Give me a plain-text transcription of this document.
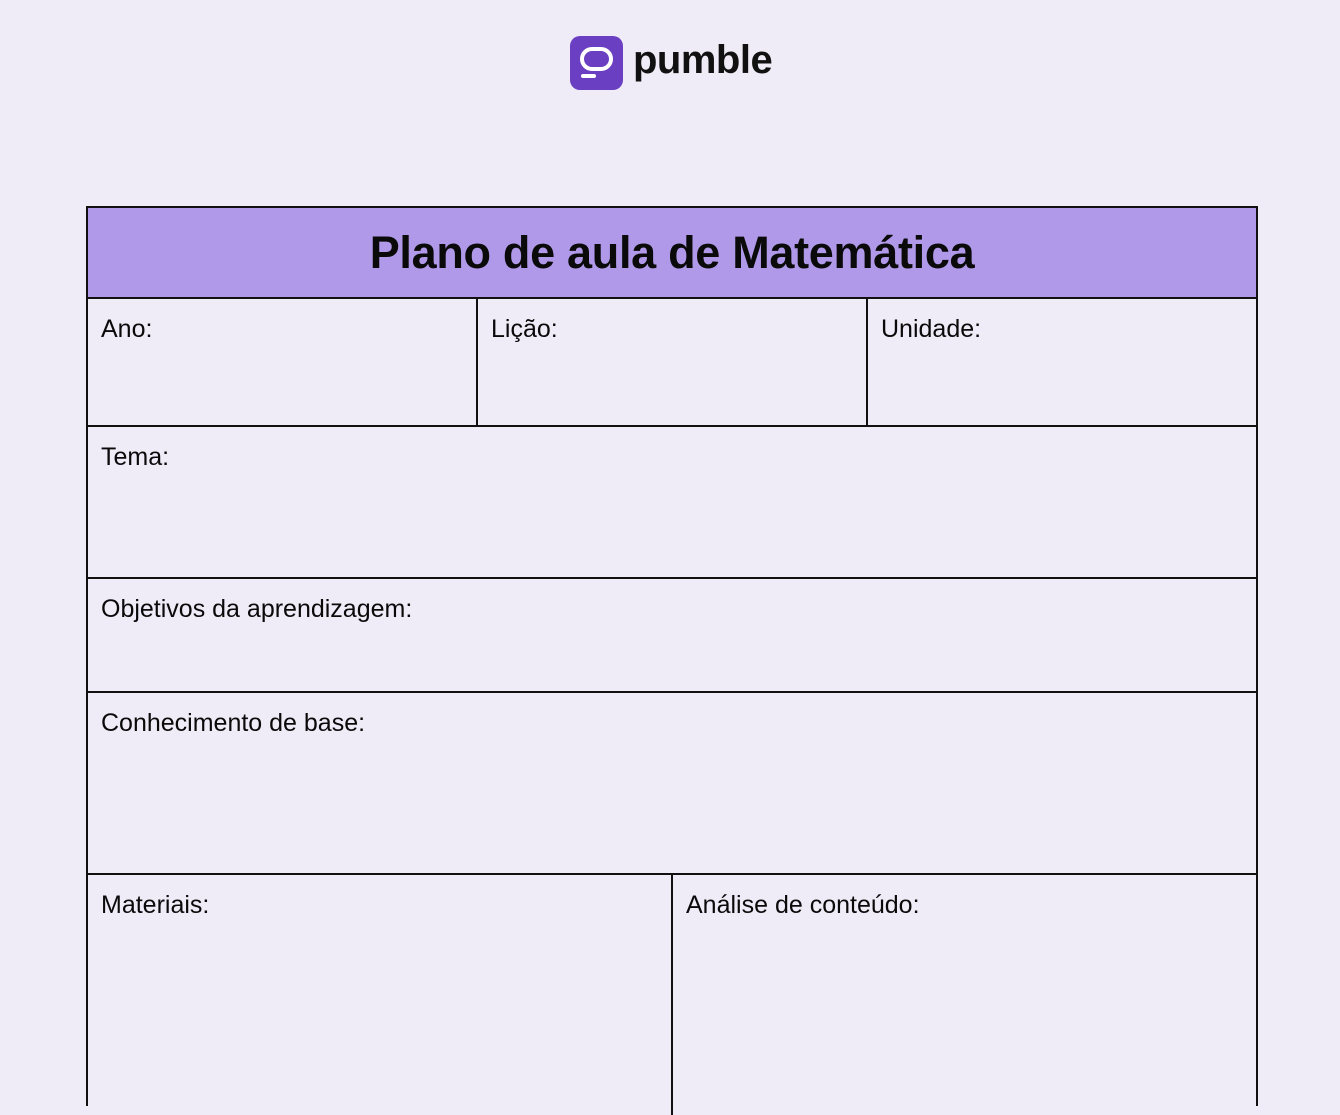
pumble
Plano de aula de Matemática
Ano:	Lição:	Unidade:
Tema:
Objetivos da aprendizagem:
Conhecimento de base:
Materiais:	Análise de conteúdo:
